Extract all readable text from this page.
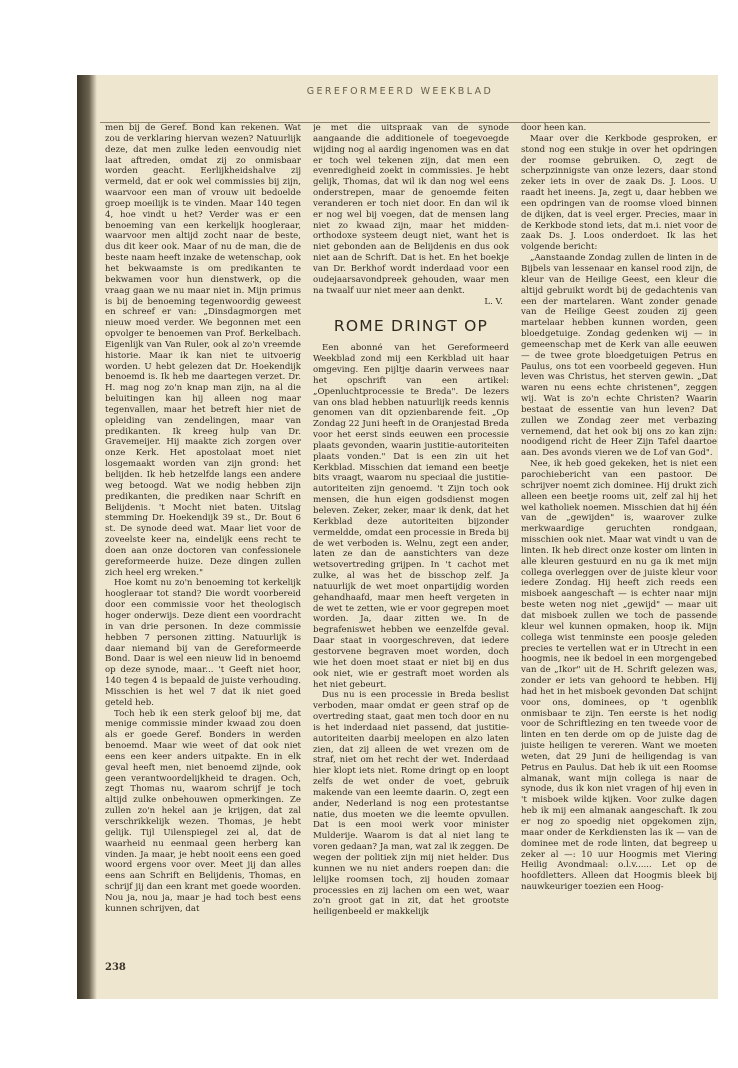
GEREFORMEERD WEEKBLAD

men bij de Geref. Bond kan rekenen. Wat zou de verklaring hiervan wezen? Natuurlijk deze, dat men zulke leden eenvoudig niet laat aftreden, omdat zij zo onmisbaar worden geacht. Eerlijkheidshalve zij vermeld, dat er ook wel commissies bij zijn, waarvoor een man of vrouw uit bedoelde groep moeilijk is te vinden. Maar 140 tegen 4, hoe vindt u het? Verder was er een benoeming van een kerkelijk hoogleraar, waarvoor men altijd zocht naar de beste, dus dit keer ook. Maar of nu de man, die de beste naam heeft inzake de wetenschap, ook het bekwaamste is om predikanten te bekwamen voor hun dienstwerk, op die vraag gaan we nu maar niet in. Mijn primus is bij de benoeming tegenwoordig geweest en schreef er van: „Dinsdagmorgen met nieuw moed verder. We begonnen met een opvolger te benoemen van Prof. Berkelbach. Eigenlijk van Van Ruler, ook al zo'n vreemde historie. Maar ik kan niet te uitvoerig worden. U hebt gelezen dat Dr. Hoekendijk benoemd is. Ik heb me daartegen verzet. Dr. H. mag nog zo'n knap man zijn, na al die beluitingen kan hij alleen nog maar tegenvallen, maar het betreft hier niet de opleiding van zendelingen, maar van predikanten. Ik kreeg hulp van Dr. Gravemeijer. Hij maakte zich zorgen over onze Kerk. Het apostolaat moet niet losgemaakt worden van zijn grond: het belijden. Ik heb hetzelfde langs een andere weg betoogd. Wat we nodig hebben zijn predikanten, die prediken naar Schrift en Belijdenis. 't Mocht niet baten. Uitslag stemming Dr. Hoekendijk 39 st., Dr. Bout 6 st. De synode deed wat. Maar liet voor de zoveelste keer na, eindelijk eens recht te doen aan onze doctoren van confessionele gereformeerde huize. Deze dingen zullen zich heel erg wreken."

Hoe komt nu zo'n benoeming tot kerkelijk hoogleraar tot stand? Die wordt voorbereid door een commissie voor het theologisch hoger onderwijs. Deze dient een voordracht in van drie personen. In deze commissie hebben 7 personen zitting. Natuurlijk is daar niemand bij van de Gereformeerde Bond. Daar is wel een nieuw lid in benoemd op deze synode, maar... 't Geeft niet hoor, 140 tegen 4 is bepaald de juiste verhouding. Misschien is het wel 7 dat ik niet goed geteld heb.

Toch heb ik een sterk geloof bij me, dat menige commissie minder kwaad zou doen als er goede Geref. Bonders in werden benoemd. Maar wie weet of dat ook niet eens een keer anders uitpakte. En in elk geval heeft men, niet benoemd zijnde, ook geen verantwoordelijkheid te dragen. Och, zegt Thomas nu, waarom schrijf je toch altijd zulke onbehouwen opmerkingen. Ze zullen zo'n hekel aan je krijgen, dat zal verschrikkelijk wezen. Thomas, je hebt gelijk. Tijl Uilenspiegel zei al, dat de waarheid nu eenmaal geen herberg kan vinden. Ja maar, je hebt nooit eens een goed woord ergens voor over. Meet jij dan alles eens aan Schrift en Belijdenis, Thomas, en schrijf jij dan een krant met goede woorden. Nou ja, nou ja, maar je had toch best eens kunnen schrijven, dat

je met die uitspraak van de synode aangaande die additionele of toegevoegde wijding nog al aardig ingenomen was en dat er toch wel tekenen zijn, dat men een evenredigheid zoekt in commissies. Je hebt gelijk, Thomas, dat wil ik dan nog wel eens onderstrepen, maar de genoemde feiten veranderen er toch niet door. En dan wil ik er nog wel bij voegen, dat de mensen lang niet zo kwaad zijn, maar het midden-orthodoxe systeem deugt niet, want het is niet gebonden aan de Belijdenis en dus ook niet aan de Schrift. Dat is het. En het boekje van Dr. Berkhof wordt inderdaad voor een oudejaarsavondpreek gehouden, waar men na twaalf uur niet meer aan denkt.

L. V.

ROME DRINGT OP

Een abonné van het Gereformeerd Weekblad zond mij een Kerkblad uit haar omgeving. Een pijltje daarin verwees naar het opschrift van een artikel: „Openluchtprocessie te Breda". De lezers van ons blad hebben natuurlijk reeds kennis genomen van dit opzienbarende feit. „Op Zondag 22 Juni heeft in de Oranjestad Breda voor het eerst sinds eeuwen een processie plaats gevonden, waarin justitie-autoriteiten plaats vonden." Dat is een zin uit het Kerkblad. Misschien dat iemand een beetje bits vraagt, waarom nu speciaal die justitie-autoriteiten zijn genoemd. 't Zijn toch ook mensen, die hun eigen godsdienst mogen beleven. Zeker, zeker, maar ik denk, dat het Kerkblad deze autoriteiten bijzonder vermeldde, omdat een processie in Breda bij de wet verboden is. Welnu, zegt een ander, laten ze dan de aanstichters van deze wetsovertreding grijpen. In 't cachot met zulke, al was het de bisschop zelf. Ja natuurlijk de wet moet onpartijdig worden gehandhaafd, maar men heeft vergeten in de wet te zetten, wie er voor gegrepen moet worden. Ja, daar zitten we. In de begrafeniswet hebben we eenzelfde geval. Daar staat in voorgeschreven, dat iedere gestorvene begraven moet worden, doch wie het doen moet staat er niet bij en dus ook niet, wie er gestraft moet worden als het niet gebeurt.

Dus nu is een processie in Breda beslist verboden, maar omdat er geen straf op de overtreding staat, gaat men toch door en nu is het inderdaad niet passend, dat justitie-autoriteiten daarbij meelopen en alzo laten zien, dat zij alleen de wet vrezen om de straf, niet om het recht der wet. Inderdaad hier klopt iets niet. Rome dringt op en loopt zelfs de wet onder de voet, gebruik makende van een leemte daarin. O, zegt een ander, Nederland is nog een protestantse natie, dus moeten we die leemte opvullen. Dat is een mooi werk voor minister Mulderije. Waarom is dat al niet lang te voren gedaan? Ja man, wat zal ik zeggen. De wegen der politiek zijn mij niet helder. Dus kunnen we nu niet anders roepen dan: die lelijke roomsen toch, zij houden zomaar processies en zij lachen om een wet, waar zo'n groot gat in zit, dat het grootste heiligenbeeld er makkelijk

door heen kan.

Maar over die Kerkbode gesproken, er stond nog een stukje in over het opdringen der roomse gebruiken. O, zegt de scherpzinnigste van onze lezers, daar stond zeker iets in over de zaak Ds. J. Loos. U raadt het ineens. Ja, zegt u, daar hebben we een opdringen van de roomse vloed binnen de dijken, dat is veel erger. Precies, maar in de Kerkbode stond iets, dat m.i. niet voor de zaak Ds. J. Loos onderdoet. Ik las het volgende bericht:

„Aanstaande Zondag zullen de linten in de Bijbels van lessenaar en kansel rood zijn, de kleur van de Heilige Geest, een kleur die altijd gebruikt wordt bij de gedachtenis van een der martelaren. Want zonder genade van de Heilige Geest zouden zij geen martelaar hebben kunnen worden, geen bloedgetuige. Zondag gedenken wij — in gemeenschap met de Kerk van alle eeuwen — de twee grote bloedgetuigen Petrus en Paulus, ons tot een voorbeeld gegeven. Hun leven was Christus, het sterven gewin. „Dat waren nu eens echte christenen", zeggen wij. Wat is zo'n echte Christen? Waarin bestaat de essentie van hun leven? Dat zullen we Zondag zeer met verbazing vernemend, dat het ook bij ons zo kan zijn: noodigend richt de Heer Zijn Tafel daartoe aan. Des avonds vieren we de Lof van God".

Nee, ik heb goed gekeken, het is niet een parochiebericht van een pastoor. De schrijver noemt zich dominee. Hij drukt zich alleen een beetje rooms uit, zelf zal hij het wel katholiek noemen. Misschien dat hij één van de „gewijden" is, waarover zulke merkwaardige geruchten rondgaan, misschien ook niet. Maar wat vindt u van de linten. Ik heb direct onze koster om linten in alle kleuren gestuurd en nu ga ik met mijn collega overleggen over de juiste kleur voor iedere Zondag. Hij heeft zich reeds een misboek aangeschaft — is echter naar mijn beste weten nog niet „gewijd" — maar uit dat misboek zullen we toch de passende kleur wel kunnen opmaken, hoop ik. Mijn collega wist tenminste een poosje geleden precies te vertellen wat er in Utrecht in een hoogmis, nee ik bedoel in een morgengebed van de „Ikor" uit de H. Schrift gelezen was, zonder er iets van gehoord te hebben. Hij had het in het misboek gevonden Dat schijnt voor ons, dominees, op 't ogenblik onmisbaar te zijn. Ten eerste is het nodig voor de Schriftlezing en ten tweede voor de linten en ten derde om op de juiste dag de juiste heiligen te vereren. Want we moeten weten, dat 29 Juni de heiligendag is van Petrus en Paulus. Dat heb ik uit een Roomse almanak, want mijn collega is naar de synode, dus ik kon niet vragen of hij even in 't misboek wilde kijken. Voor zulke dagen heb ik mij een almanak aangeschaft. Ik zou er nog zo spoedig niet opgekomen zijn, maar onder de Kerkdiensten las ik — van de dominee met de rode linten, dat begreep u zeker al —: 10 uur Hoogmis met Viering Heilig Avondmaal: o.l.v...... Let op de hoofdletters. Alleen dat Hoogmis bleek bij nauwkeuriger toezien een Hoog-

238
